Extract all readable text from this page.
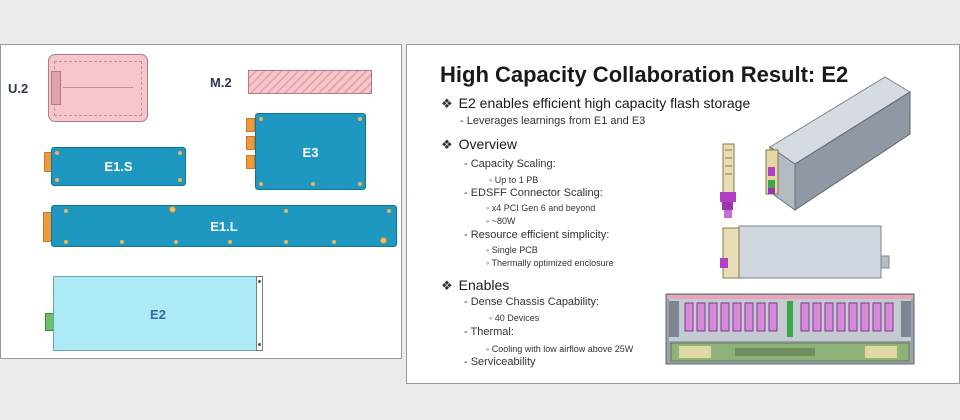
U.2	M.2
E1.S
E3
E1.L
E2
High Capacity Collaboration Result: E2
❖ E2 enables efficient high capacity flash storage
- Leverages learnings from E1 and E3
❖ Overview
- Capacity Scaling:
◦ Up to 1 PB
- EDSFF Connector Scaling:
◦ x4 PCI Gen 6 and beyond
◦ ~80W
- Resource efficient simplicity:
◦ Single PCB
◦ Thermally optimized enclosure
❖ Enables
- Dense Chassis Capability:
◦ 40 Devices
- Thermal:
◦ Cooling with low airflow above 25W
- Serviceability
